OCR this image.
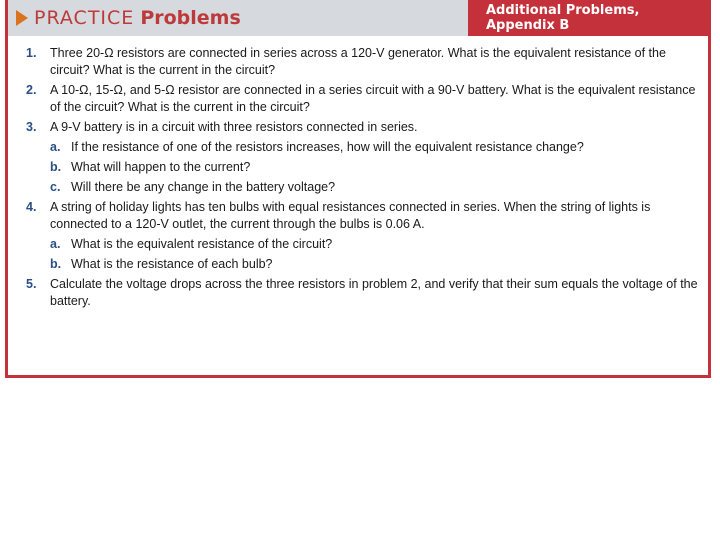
PRACTICE Problems	Additional Problems, Appendix B
1.	Three 20-Ω resistors are connected in series across a 120-V generator. What is the equivalent resistance of the circuit? What is the current in the circuit?
2.	A 10-Ω, 15-Ω, and 5-Ω resistor are connected in a series circuit with a 90-V battery. What is the equivalent resistance of the circuit? What is the current in the circuit?
3.	A 9-V battery is in a circuit with three resistors connected in series.
a. If the resistance of one of the resistors increases, how will the equivalent resistance change?
b. What will happen to the current?
c. Will there be any change in the battery voltage?
4.	A string of holiday lights has ten bulbs with equal resistances connected in series. When the string of lights is connected to a 120-V outlet, the current through the bulbs is 0.06 A.
a. What is the equivalent resistance of the circuit?
b. What is the resistance of each bulb?
5.	Calculate the voltage drops across the three resistors in problem 2, and verify that their sum equals the voltage of the battery.
